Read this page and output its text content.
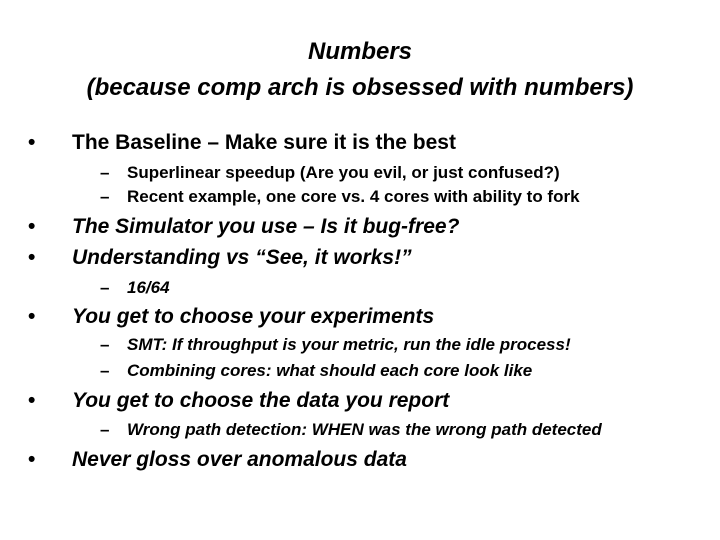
Numbers
(because comp arch is obsessed with numbers)
• The Baseline – Make sure it is the best
– Superlinear speedup (Are you evil, or just confused?)
– Recent example, one core vs. 4 cores with ability to fork
• The Simulator you use – Is it bug-free?
• Understanding vs “See, it works!”
– 16/64
• You get to choose your experiments
– SMT: If throughput is your metric, run the idle process!
– Combining cores: what should each core look like
• You get to choose the data you report
– Wrong path detection: WHEN was the wrong path detected
• Never gloss over anomalous data
